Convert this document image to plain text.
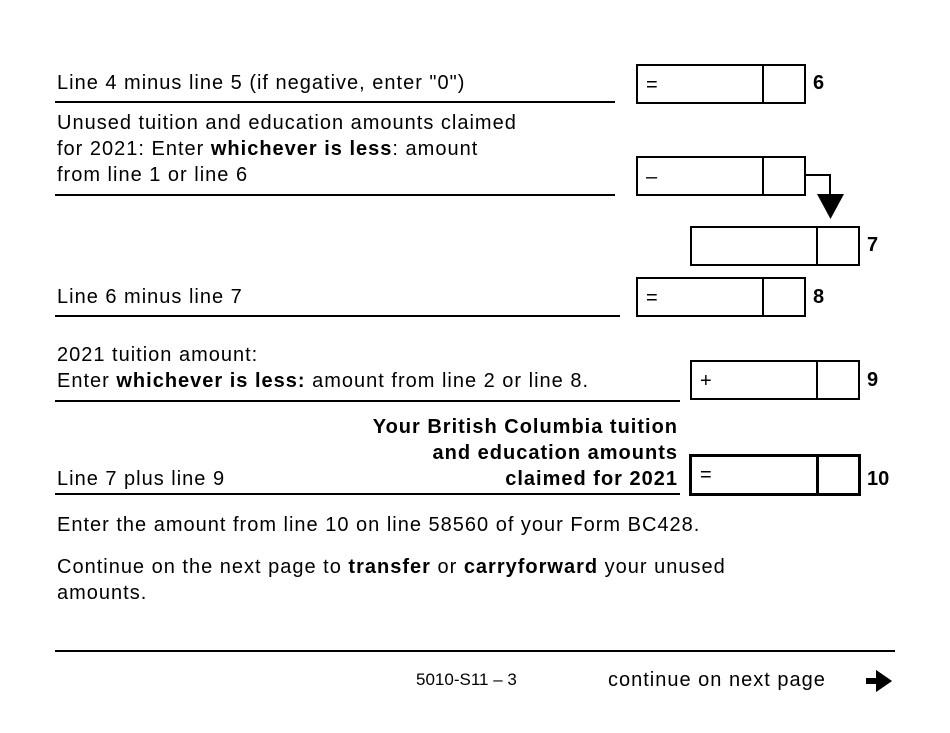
Line 4 minus line 5 (if negative, enter "0")	=	6
Unused tuition and education amounts claimed
for 2021: Enter whichever is less: amount
from line 1 or line 6	–
7
Line 6 minus line 7	=	8
2021 tuition amount:
Enter whichever is less: amount from line 2 or line 8.	+	9
Your British Columbia tuition
and education amounts
claimed for 2021
Line 7 plus line 9	=	10
Enter the amount from line 10 on line 58560 of your Form BC428.
Continue on the next page to transfer or carryforward your unused
amounts.
5010-S11 – 3	continue on next page
